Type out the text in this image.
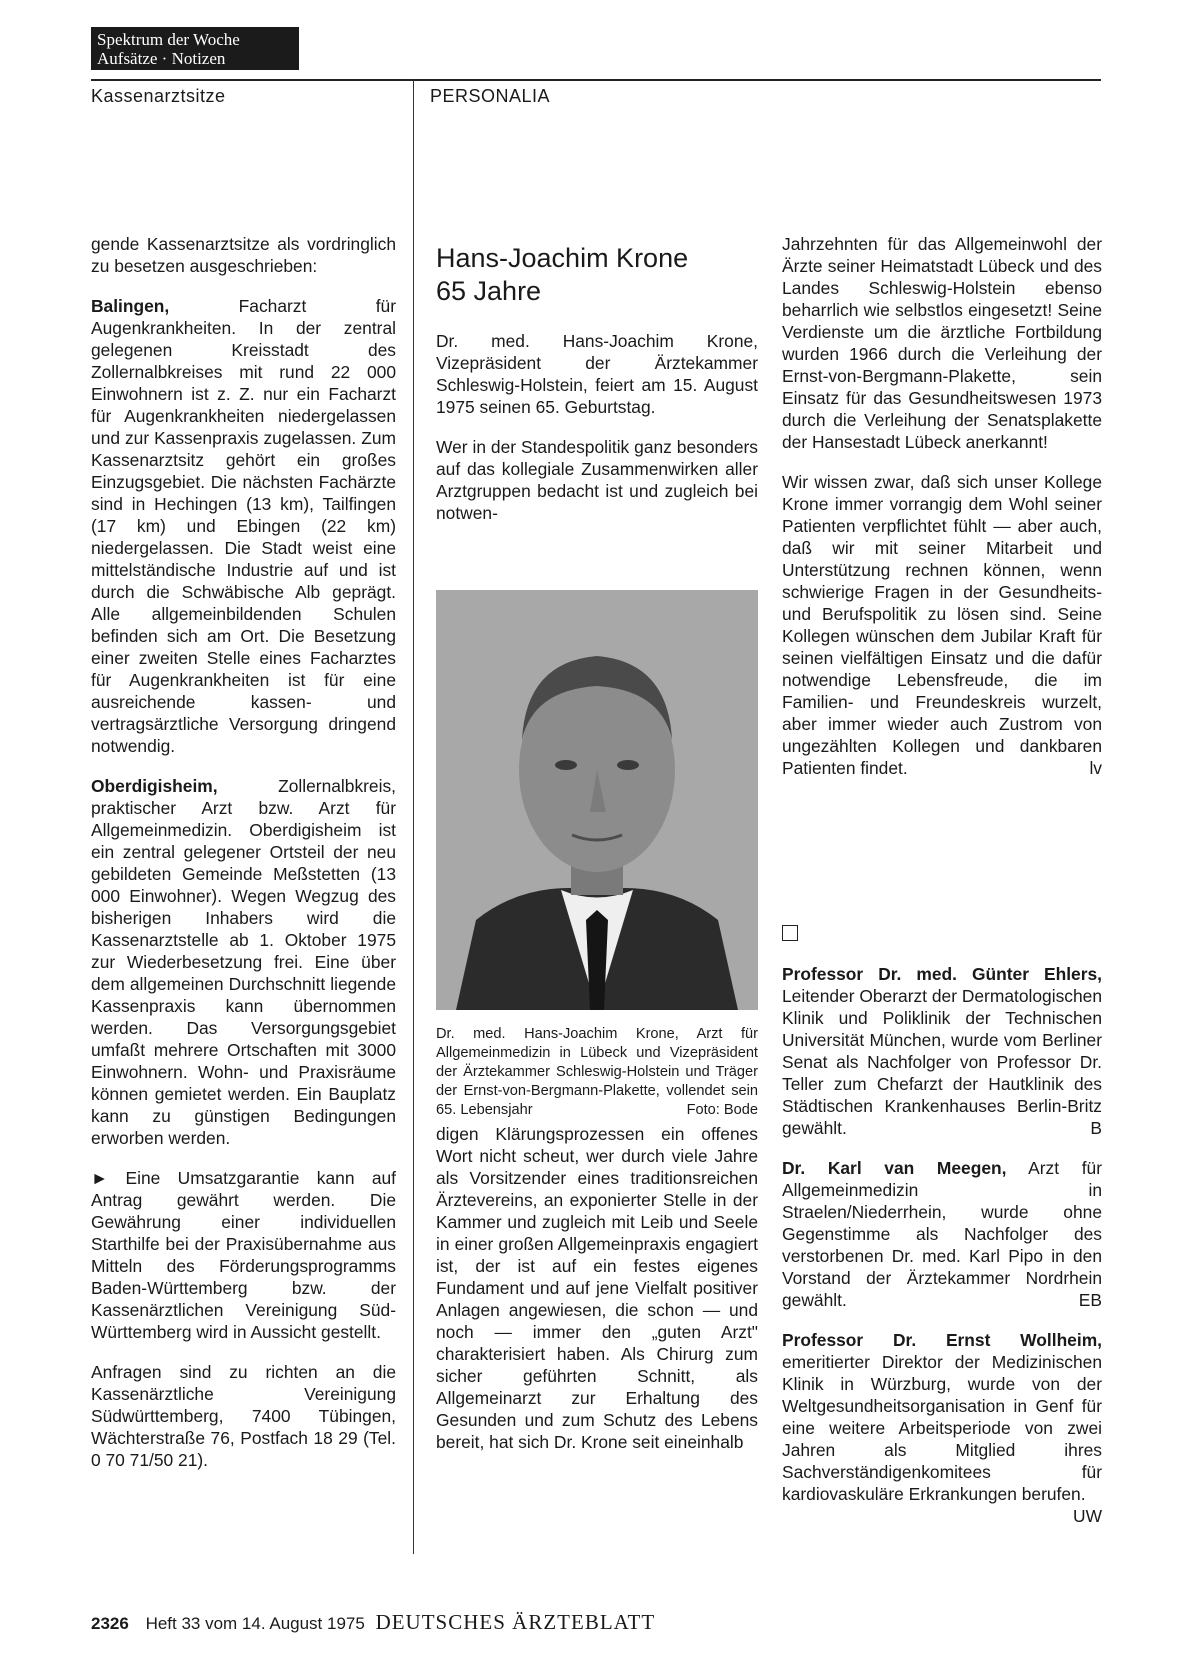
Spektrum der Woche
Aufsätze · Notizen
Kassenarztsitze	PERSONALIA

gende Kassenarztsitze als vordringlich zu besetzen ausgeschrieben:

Balingen,	Facharzt für Augenkrankheiten. In der zentral gelegenen Kreisstadt des Zollernalbkreises mit rund 22 000 Einwohnern ist z. Z. nur ein Facharzt für Augenkrankheiten niedergelassen und zur Kassenpraxis zugelassen. Zum Kassenarztsitz gehört ein großes Einzugsgebiet. Die nächsten Fachärzte sind in Hechingen (13 km), Tailfingen (17 km) und Ebingen (22 km) niedergelassen. Die Stadt weist eine mittelständische Industrie auf und ist durch die Schwäbische Alb geprägt. Alle allgemeinbildenden Schulen befinden sich am Ort. Die Besetzung einer zweiten Stelle eines Facharztes für Augenkrankheiten ist für eine ausreichende kassen- und vertragsärztliche Versorgung dringend notwendig.

Oberdigisheim,	Zollernalbkreis, praktischer Arzt bzw. Arzt für Allgemeinmedizin. Oberdigisheim ist ein zentral gelegener Ortsteil der neu gebildeten Gemeinde Meßstetten (13 000 Einwohner). Wegen Wegzug des bisherigen Inhabers wird die Kassenarztstelle ab 1. Oktober 1975 zur Wiederbesetzung frei. Eine über dem allgemeinen Durchschnitt liegende Kassenpraxis kann übernommen werden. Das Versorgungsgebiet umfaßt mehrere Ortschaften mit 3000 Einwohnern. Wohn- und Praxisräume können gemietet werden. Ein Bauplatz kann zu günstigen Bedingungen erworben werden.

► Eine Umsatzgarantie kann auf Antrag gewährt werden. Die Gewährung einer individuellen Starthilfe bei der Praxisübernahme aus Mitteln des Förderungsprogramms Baden-Württemberg bzw. der Kassenärztlichen Vereinigung Süd-Württemberg wird in Aussicht gestellt.

Anfragen sind zu richten an die Kassenärztliche Vereinigung Südwürttemberg, 7400 Tübingen, Wächterstraße 76, Postfach 18 29 (Tel. 0 70 71/50 21).

Hans-Joachim Krone
65 Jahre

Dr. med. Hans-Joachim Krone, Vizepräsident der Ärztekammer Schleswig-Holstein, feiert am 15. August 1975 seinen 65. Geburtstag.

Wer in der Standespolitik ganz besonders auf das kollegiale Zusammenwirken aller Arztgruppen bedacht ist und zugleich bei notwen-

Dr. med. Hans-Joachim Krone, Arzt für Allgemeinmedizin in Lübeck und Vizepräsident der Ärztekammer Schleswig-Holstein und Träger der Ernst-von-Bergmann-Plakette, vollendet sein 65. Lebensjahr	Foto: Bode

digen Klärungsprozessen ein offenes Wort nicht scheut, wer durch viele Jahre als Vorsitzender eines traditionsreichen Ärztevereins, an exponierter Stelle in der Kammer und zugleich mit Leib und Seele in einer großen Allgemeinpraxis engagiert ist, der ist auf ein festes eigenes Fundament und auf jene Vielfalt positiver Anlagen angewiesen, die schon — und noch — immer den „guten Arzt" charakterisiert haben. Als Chirurg zum sicher geführten Schnitt, als Allgemeinarzt zur Erhaltung des Gesunden und zum Schutz des Lebens bereit, hat sich Dr. Krone seit eineinhalb

Jahrzehnten für das Allgemeinwohl der Ärzte seiner Heimatstadt Lübeck und des Landes Schleswig-Holstein ebenso beharrlich wie selbstlos eingesetzt! Seine Verdienste um die ärztliche Fortbildung wurden 1966 durch die Verleihung der Ernst-von-Bergmann-Plakette, sein Einsatz für das Gesundheitswesen 1973 durch die Verleihung der Senatsplakette der Hansestadt Lübeck anerkannt!

Wir wissen zwar, daß sich unser Kollege Krone immer vorrangig dem Wohl seiner Patienten verpflichtet fühlt — aber auch, daß wir mit seiner Mitarbeit und Unterstützung rechnen können, wenn schwierige Fragen in der Gesundheits- und Berufspolitik zu lösen sind. Seine Kollegen wünschen dem Jubilar Kraft für seinen vielfältigen Einsatz und die dafür notwendige Lebensfreude, die im Familien- und Freundeskreis wurzelt, aber immer wieder auch Zustrom von ungezählten Kollegen und dankbaren Patienten findet.	lv

Professor Dr. med. Günter Ehlers, Leitender Oberarzt der Dermatologischen Klinik und Poliklinik der Technischen Universität München, wurde vom Berliner Senat als Nachfolger von Professor Dr. Teller zum Chefarzt der Hautklinik des Städtischen Krankenhauses Berlin-Britz gewählt.	B

Dr. Karl van Meegen, Arzt für Allgemeinmedizin in Straelen/Niederrhein, wurde ohne Gegenstimme als Nachfolger des verstorbenen Dr. med. Karl Pipo in den Vorstand der Ärztekammer Nordrhein gewählt.	EB

Professor Dr. Ernst Wollheim, emeritierter Direktor der Medizinischen Klinik in Würzburg, wurde von der Weltgesundheitsorganisation in Genf für eine weitere Arbeitsperiode von zwei Jahren als Mitglied ihres Sachverständigenkomitees für kardiovaskuläre Erkrankungen berufen.
UW

2326 Heft 33 vom 14. August 1975 DEUTSCHES ÄRZTEBLATT
